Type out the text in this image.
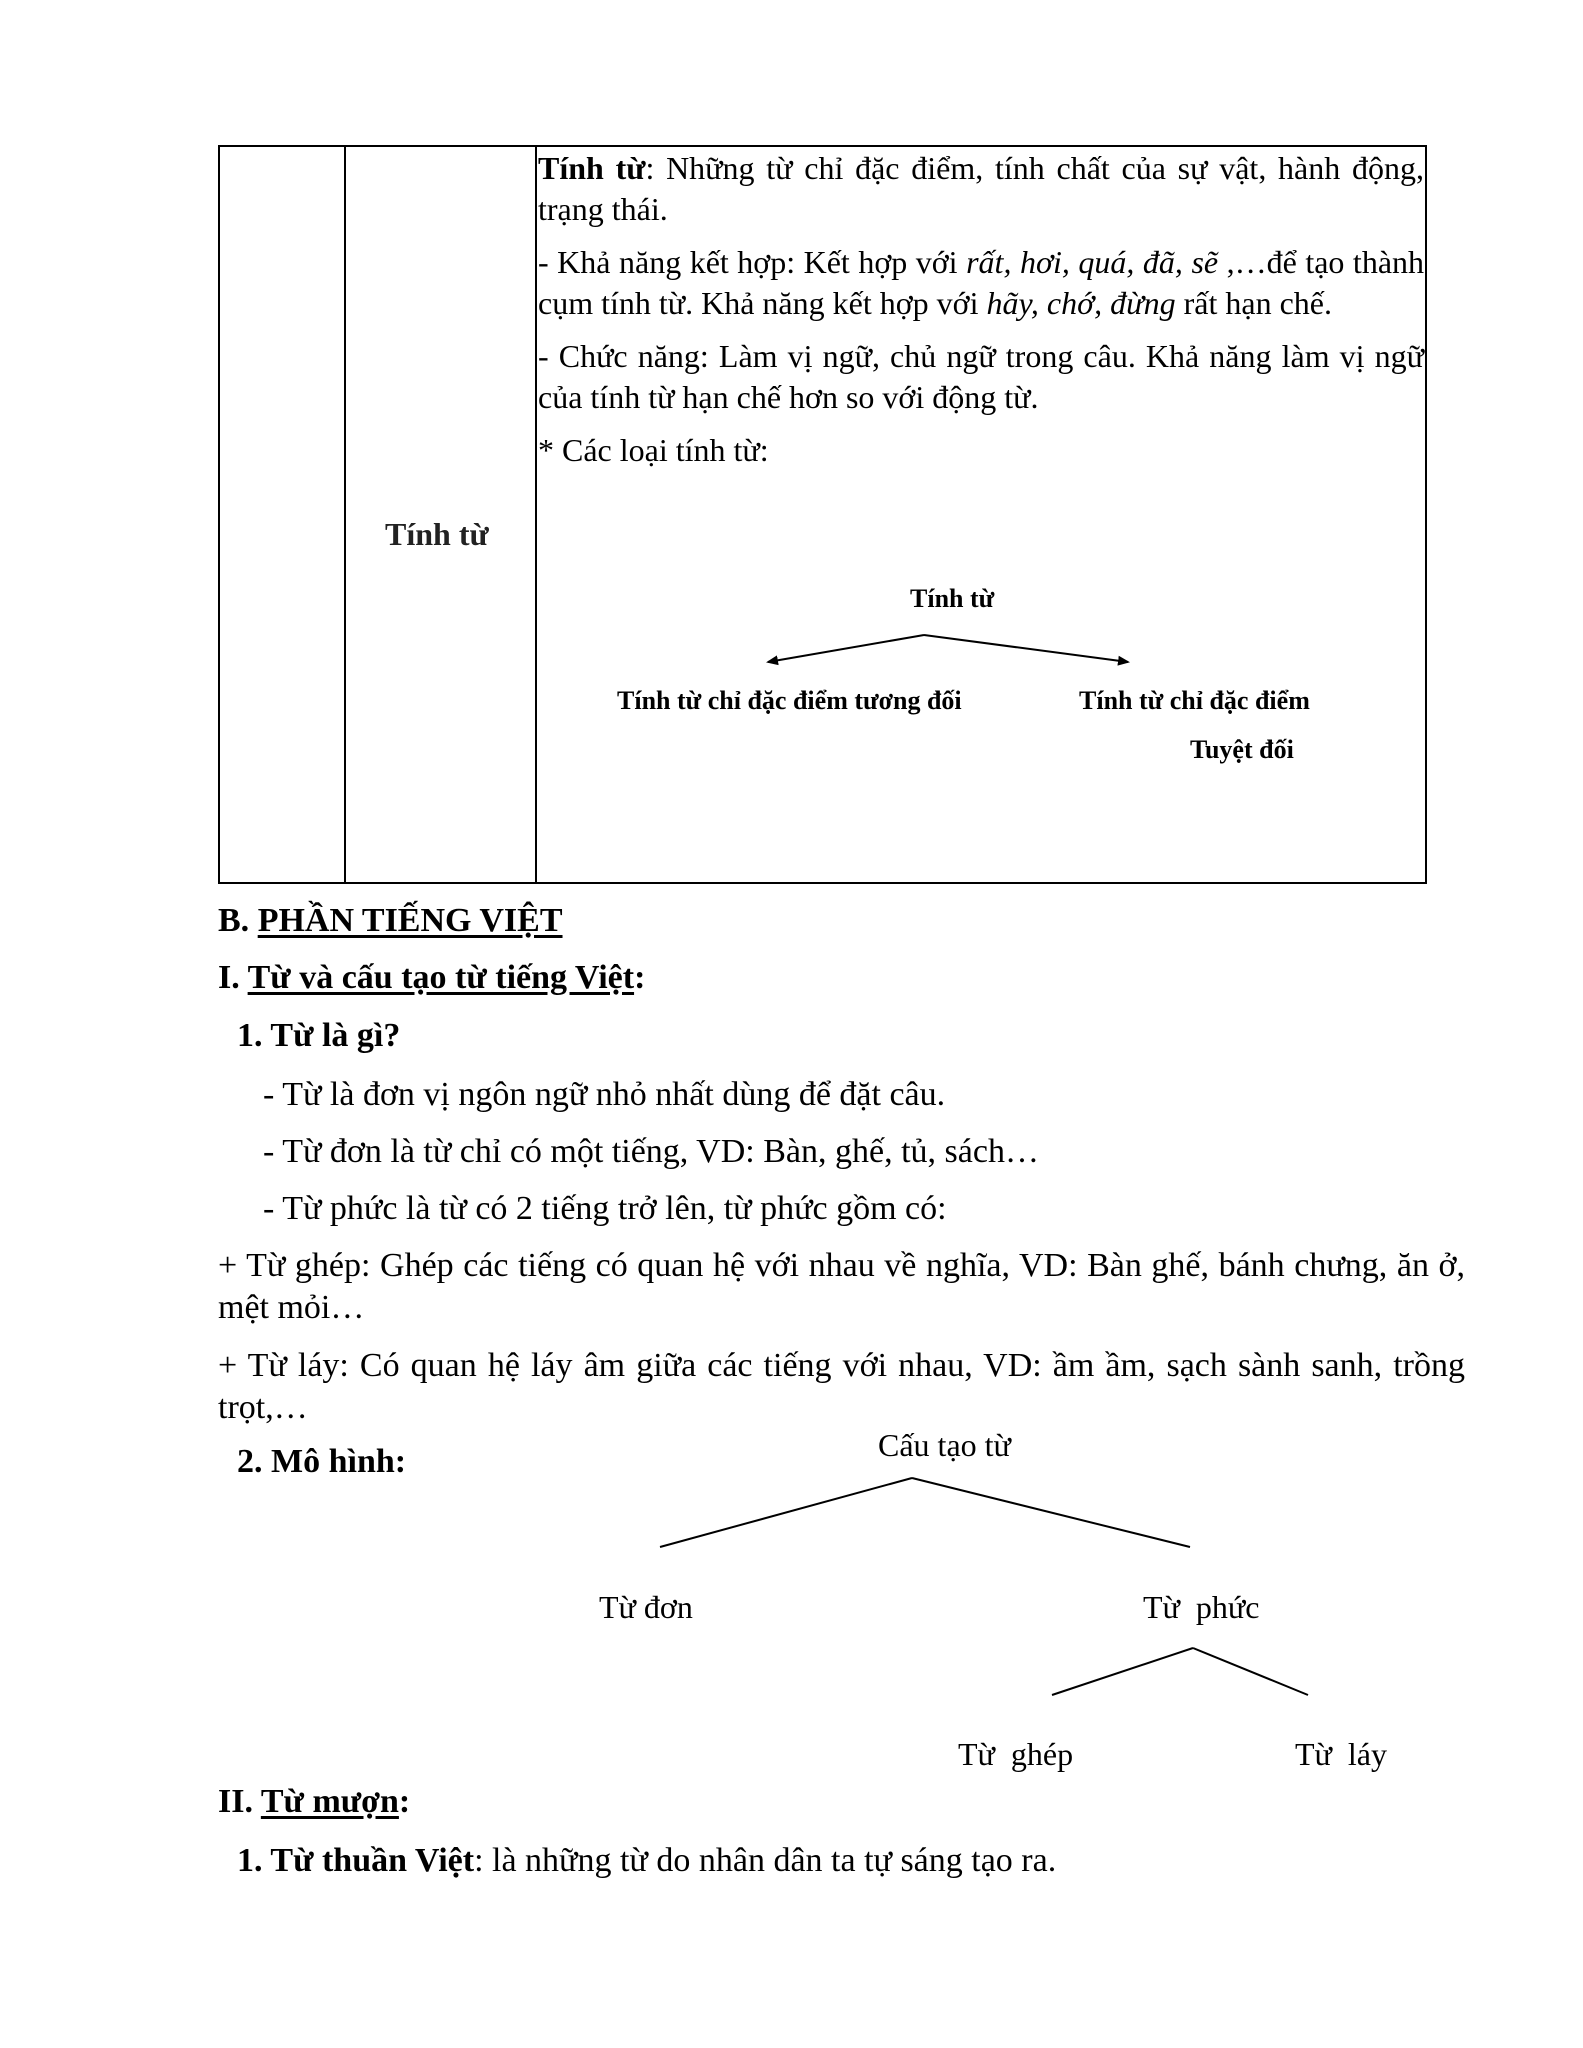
Tính từ

Tính từ: Những từ chỉ đặc điểm, tính chất của sự vật, hành động, trạng thái.

- Khả năng kết hợp: Kết hợp với rất, hơi, quá, đã, sẽ ,…để tạo thành cụm tính từ. Khả năng kết hợp với hãy, chớ, đừng rất hạn chế.

- Chức năng: Làm vị ngữ, chủ ngữ trong câu. Khả năng làm vị ngữ của tính từ hạn chế hơn so với động từ.

* Các loại tính từ:

Tính từ
Tính từ chỉ đặc điểm tương đối	Tính từ chỉ đặc điểm
Tuyệt đối
B. PHẦN TIẾNG VIỆT
I. Từ và cấu tạo từ tiếng Việt:
1. Từ là gì?
- Từ là đơn vị ngôn ngữ nhỏ nhất dùng để đặt câu.
- Từ đơn là từ chỉ có một tiếng, VD: Bàn, ghế, tủ, sách…
- Từ phức là từ có 2 tiếng trở lên, từ phức gồm có:
+ Từ ghép: Ghép các tiếng có quan hệ với nhau về nghĩa, VD: Bàn ghế, bánh chưng, ăn ở, mệt mỏi…
+ Từ láy: Có quan hệ láy âm giữa các tiếng với nhau, VD: ầm ầm, sạch sành sanh, trồng trọt,…
2. Mô hình:	Cấu tạo từ
Từ đơn	Từ  phức
Từ  ghép	Từ  láy
II. Từ mượn:
1. Từ thuần Việt: là những từ do nhân dân ta tự sáng tạo ra.
